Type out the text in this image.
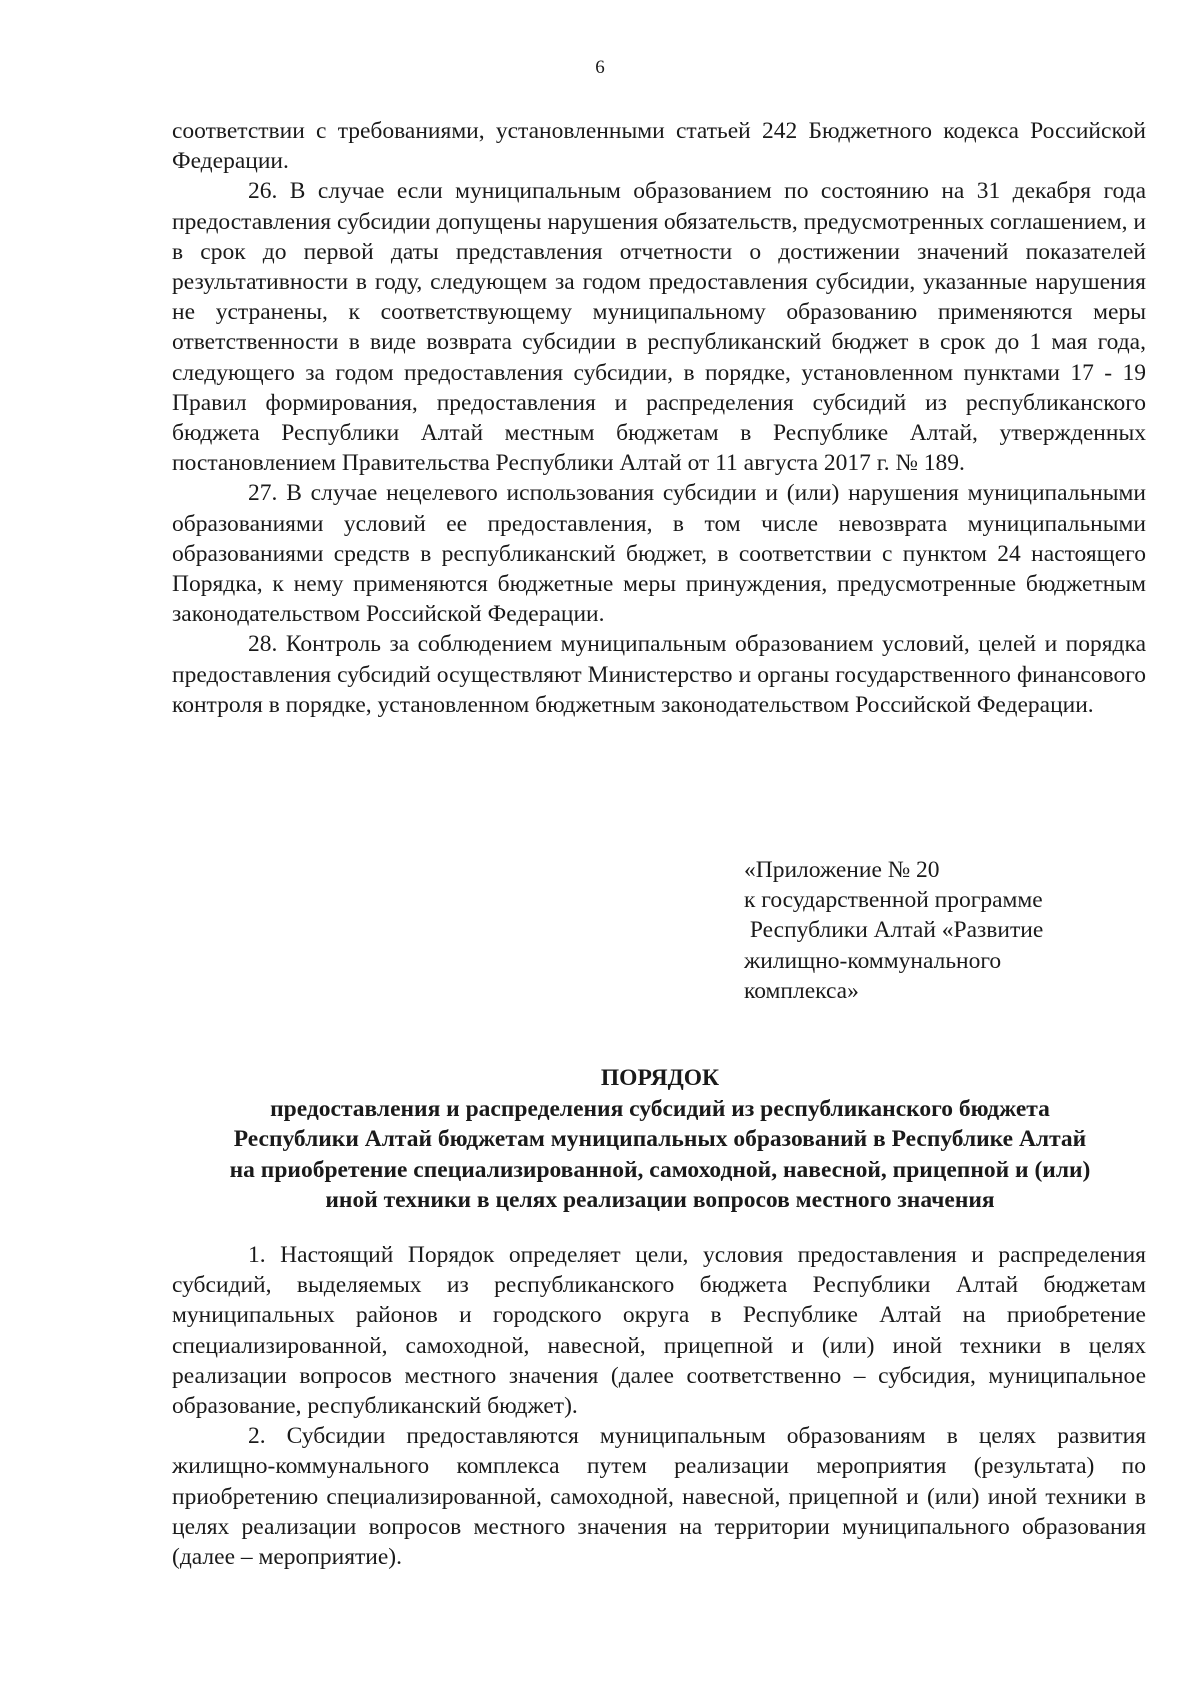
6

соответствии с требованиями, установленными статьей 242 Бюджетного кодекса Российской Федерации.

26. В случае если муниципальным образованием по состоянию на 31 декабря года предоставления субсидии допущены нарушения обязательств, предусмотренных соглашением, и в срок до первой даты представления отчетности о достижении значений показателей результативности в году, следующем за годом предоставления субсидии, указанные нарушения не устранены, к соответствующему муниципальному образованию применяются меры ответственности в виде возврата субсидии в республиканский бюджет в срок до 1 мая года, следующего за годом предоставления субсидии, в порядке, установленном пунктами 17 - 19 Правил формирования, предоставления и распределения субсидий из республиканского бюджета Республики Алтай местным бюджетам в Республике Алтай, утвержденных постановлением Правительства Республики Алтай от 11 августа 2017 г. № 189.

27. В случае нецелевого использования субсидии и (или) нарушения муниципальными образованиями условий ее предоставления, в том числе невозврата муниципальными образованиями средств в республиканский бюджет, в соответствии с пунктом 24 настоящего Порядка, к нему применяются бюджетные меры принуждения, предусмотренные бюджетным законодательством Российской Федерации.

28. Контроль за соблюдением муниципальным образованием условий, целей и порядка предоставления субсидий осуществляют Министерство и органы государственного финансового контроля в порядке, установленном бюджетным законодательством Российской Федерации.

«Приложение № 20
к государственной программе
Республики Алтай «Развитие
жилищно-коммунального
комплекса»
ПОРЯДОК
предоставления и распределения субсидий из республиканского бюджета
Республики Алтай бюджетам муниципальных образований в Республике Алтай
на приобретение специализированной, самоходной, навесной, прицепной и (или)
иной техники в целях реализации вопросов местного значения

1. Настоящий Порядок определяет цели, условия предоставления и распределения субсидий, выделяемых из республиканского бюджета Республики Алтай бюджетам муниципальных районов и городского округа в Республике Алтай на приобретение специализированной, самоходной, навесной, прицепной и (или) иной техники в целях реализации вопросов местного значения (далее соответственно – субсидия, муниципальное образование, республиканский бюджет).

2. Субсидии предоставляются муниципальным образованиям в целях развития жилищно-коммунального комплекса путем реализации мероприятия (результата) по приобретению специализированной, самоходной, навесной, прицепной и (или) иной техники в целях реализации вопросов местного значения на территории муниципального образования (далее – мероприятие).
